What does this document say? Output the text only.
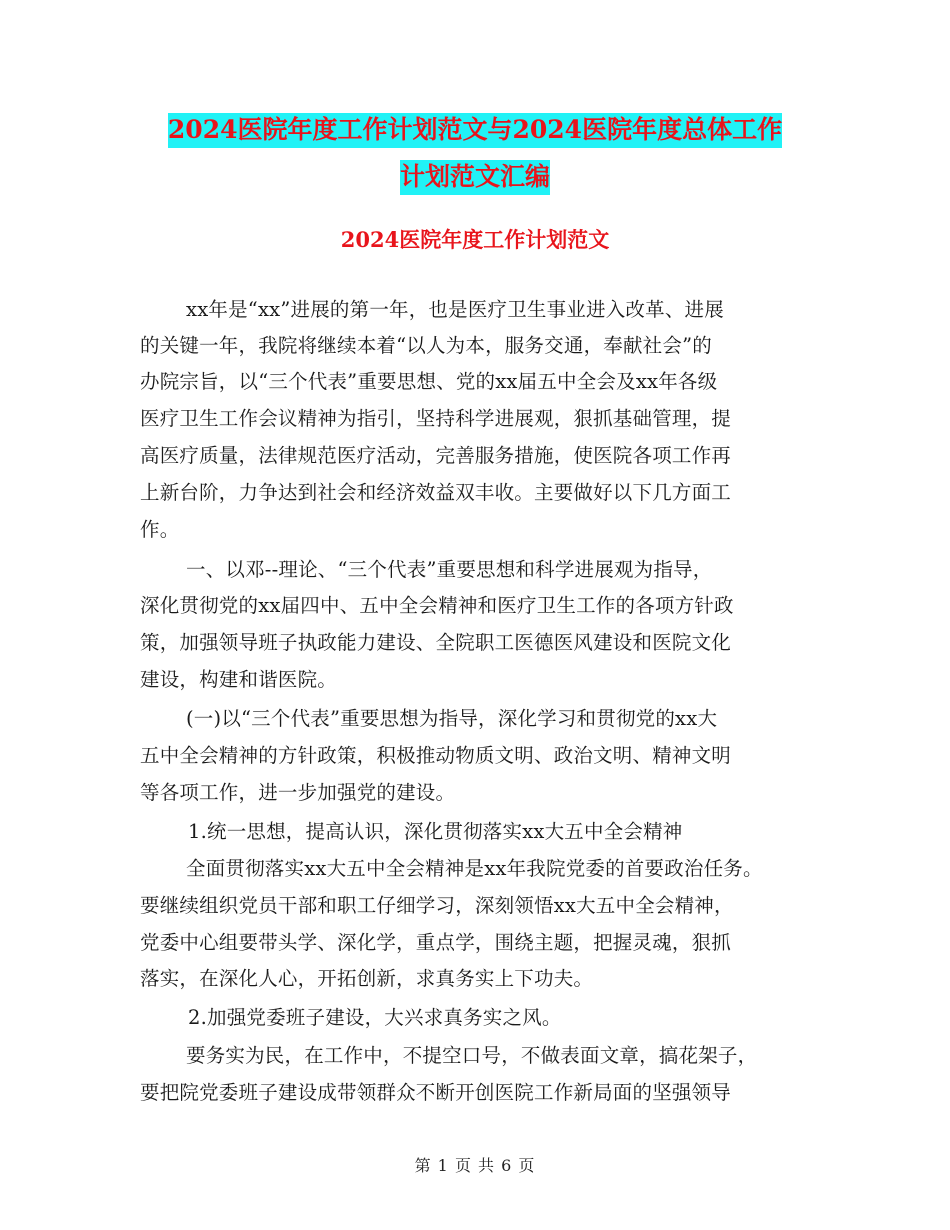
2024医院年度工作计划范文与2024医院年度总体工作
计划范文汇编
2024医院年度工作计划范文
xx年是“xx”进展的第一年，也是医疗卫生事业进入改革、进展
的关键一年，我院将继续本着“以人为本，服务交通，奉献社会”的
办院宗旨，以“三个代表”重要思想、党的xx届五中全会及xx年各级
医疗卫生工作会议精神为指引，坚持科学进展观，狠抓基础管理，提
高医疗质量，法律规范医疗活动，完善服务措施，使医院各项工作再
上新台阶，力争达到社会和经济效益双丰收。主要做好以下几方面工
作。
一、以邓--理论、“三个代表”重要思想和科学进展观为指导，
深化贯彻党的xx届四中、五中全会精神和医疗卫生工作的各项方针政
策，加强领导班子执政能力建设、全院职工医德医风建设和医院文化
建设，构建和谐医院。
(一)以“三个代表”重要思想为指导，深化学习和贯彻党的xx大
五中全会精神的方针政策，积极推动物质文明、政治文明、精神文明
等各项工作，进一步加强党的建设。
1.统一思想，提高认识，深化贯彻落实xx大五中全会精神
全面贯彻落实xx大五中全会精神是xx年我院党委的首要政治任务。
要继续组织党员干部和职工仔细学习，深刻领悟xx大五中全会精神，
党委中心组要带头学、深化学，重点学，围绕主题，把握灵魂，狠抓
落实，在深化人心，开拓创新，求真务实上下功夫。
2.加强党委班子建设，大兴求真务实之风。
要务实为民，在工作中，不提空口号，不做表面文章，搞花架子，
要把院党委班子建设成带领群众不断开创医院工作新局面的坚强领导
第 1 页 共 6 页
